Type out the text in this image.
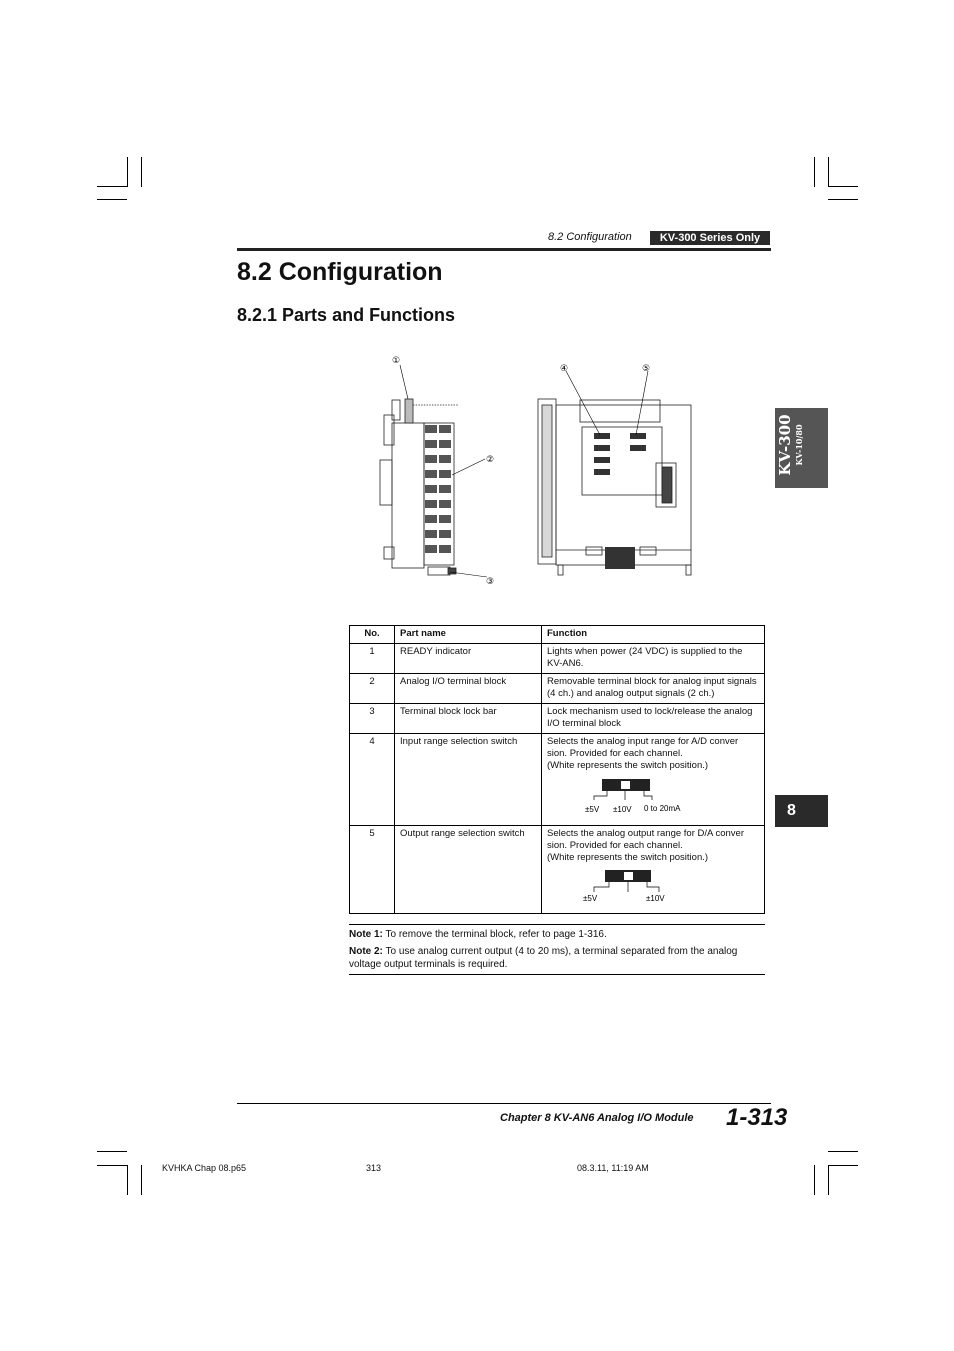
8.2 Configuration	KV-300 Series Only
8.2 Configuration
8.2.1 Parts and Functions
KV-300 KV-10/80
8
①
②
③
④	⑤
No.	Part name	Function
1	READY indicator	Lights when power (24 VDC) is supplied to the KV-AN6.
2	Analog I/O terminal block	Removable terminal block for analog input signals (4 ch.) and analog output signals (2 ch.)
3	Terminal block lock bar	Lock mechanism used to lock/release the analog I/O terminal block
4	Input range selection switch	Selects the analog input range for A/D conver sion. Provided for each channel.
(White represents the switch position.)
±5V ±10V 0 to 20mA

5	Output range selection switch	Selects the analog output range for D/A conver sion. Provided for each channel.
(White represents the switch position.)
±5V ±10V

Note 1: To remove the terminal block, refer to page 1-316.

Note 2: To use analog current output (4 to 20 ms), a terminal separated from the analog voltage output terminals is required.

Chapter 8 KV-AN6 Analog I/O Module 1-313
KVHKA Chap 08.p65	313	08.3.11, 11:19 AM
